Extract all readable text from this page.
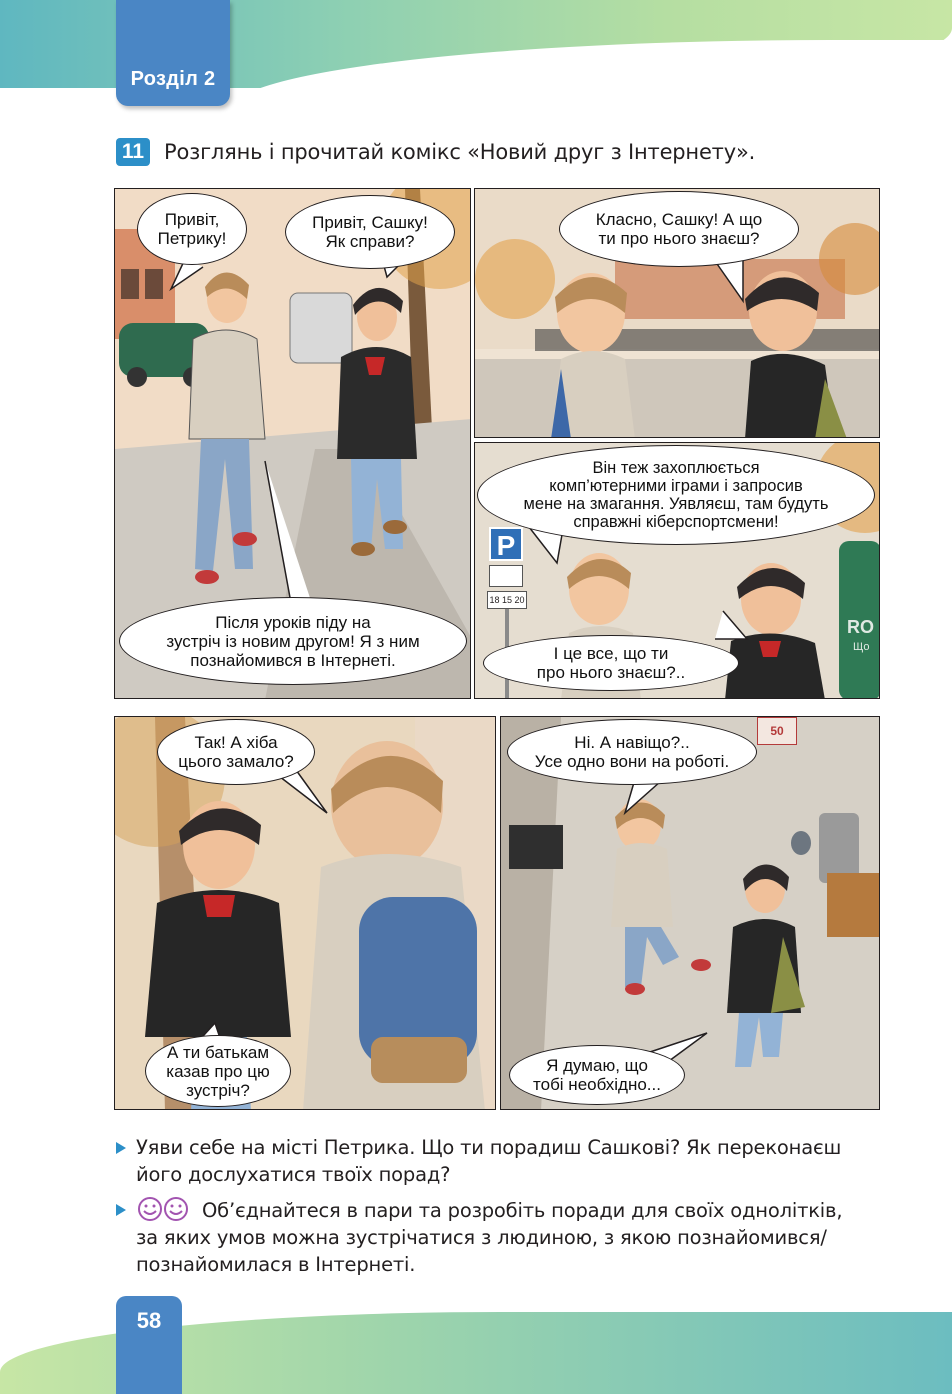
Розділ 2
11 Розглянь і прочитай комікс «Новий друг з Інтернету».
Привіт,
Петрику!
Привіт, Сашку!
Як справи?
Після уроків піду на
зустріч із новим другом! Я з ним
познайомився в Інтернеті.
Класно, Сашку! А що
ти про нього знаєш?
P
18 15 20
RO
Що
Він теж захоплюється
комп’ютерними іграми і запросив
мене на змагання. Уявляєш, там будуть
справжні кіберспортсмени!
І це все, що ти
про нього знаєш?..
Так! А хіба
цього замало?
А ти батькам
казав про цю
зустріч?
50
Ні. А навіщо?..
Усе одно вони на роботі.
Я думаю, що
тобі необхідно...
Уяви себе на місті Петрика. Що ти порадиш Сашкові? Як переконаєш
його дослухатися твоїх порад?
Об’єднайтеся в пари та розробіть поради для своїх однолітків,
за яких умов можна зустрічатися з людиною, з якою познайомився/
познайомилася в Інтернеті.
58
